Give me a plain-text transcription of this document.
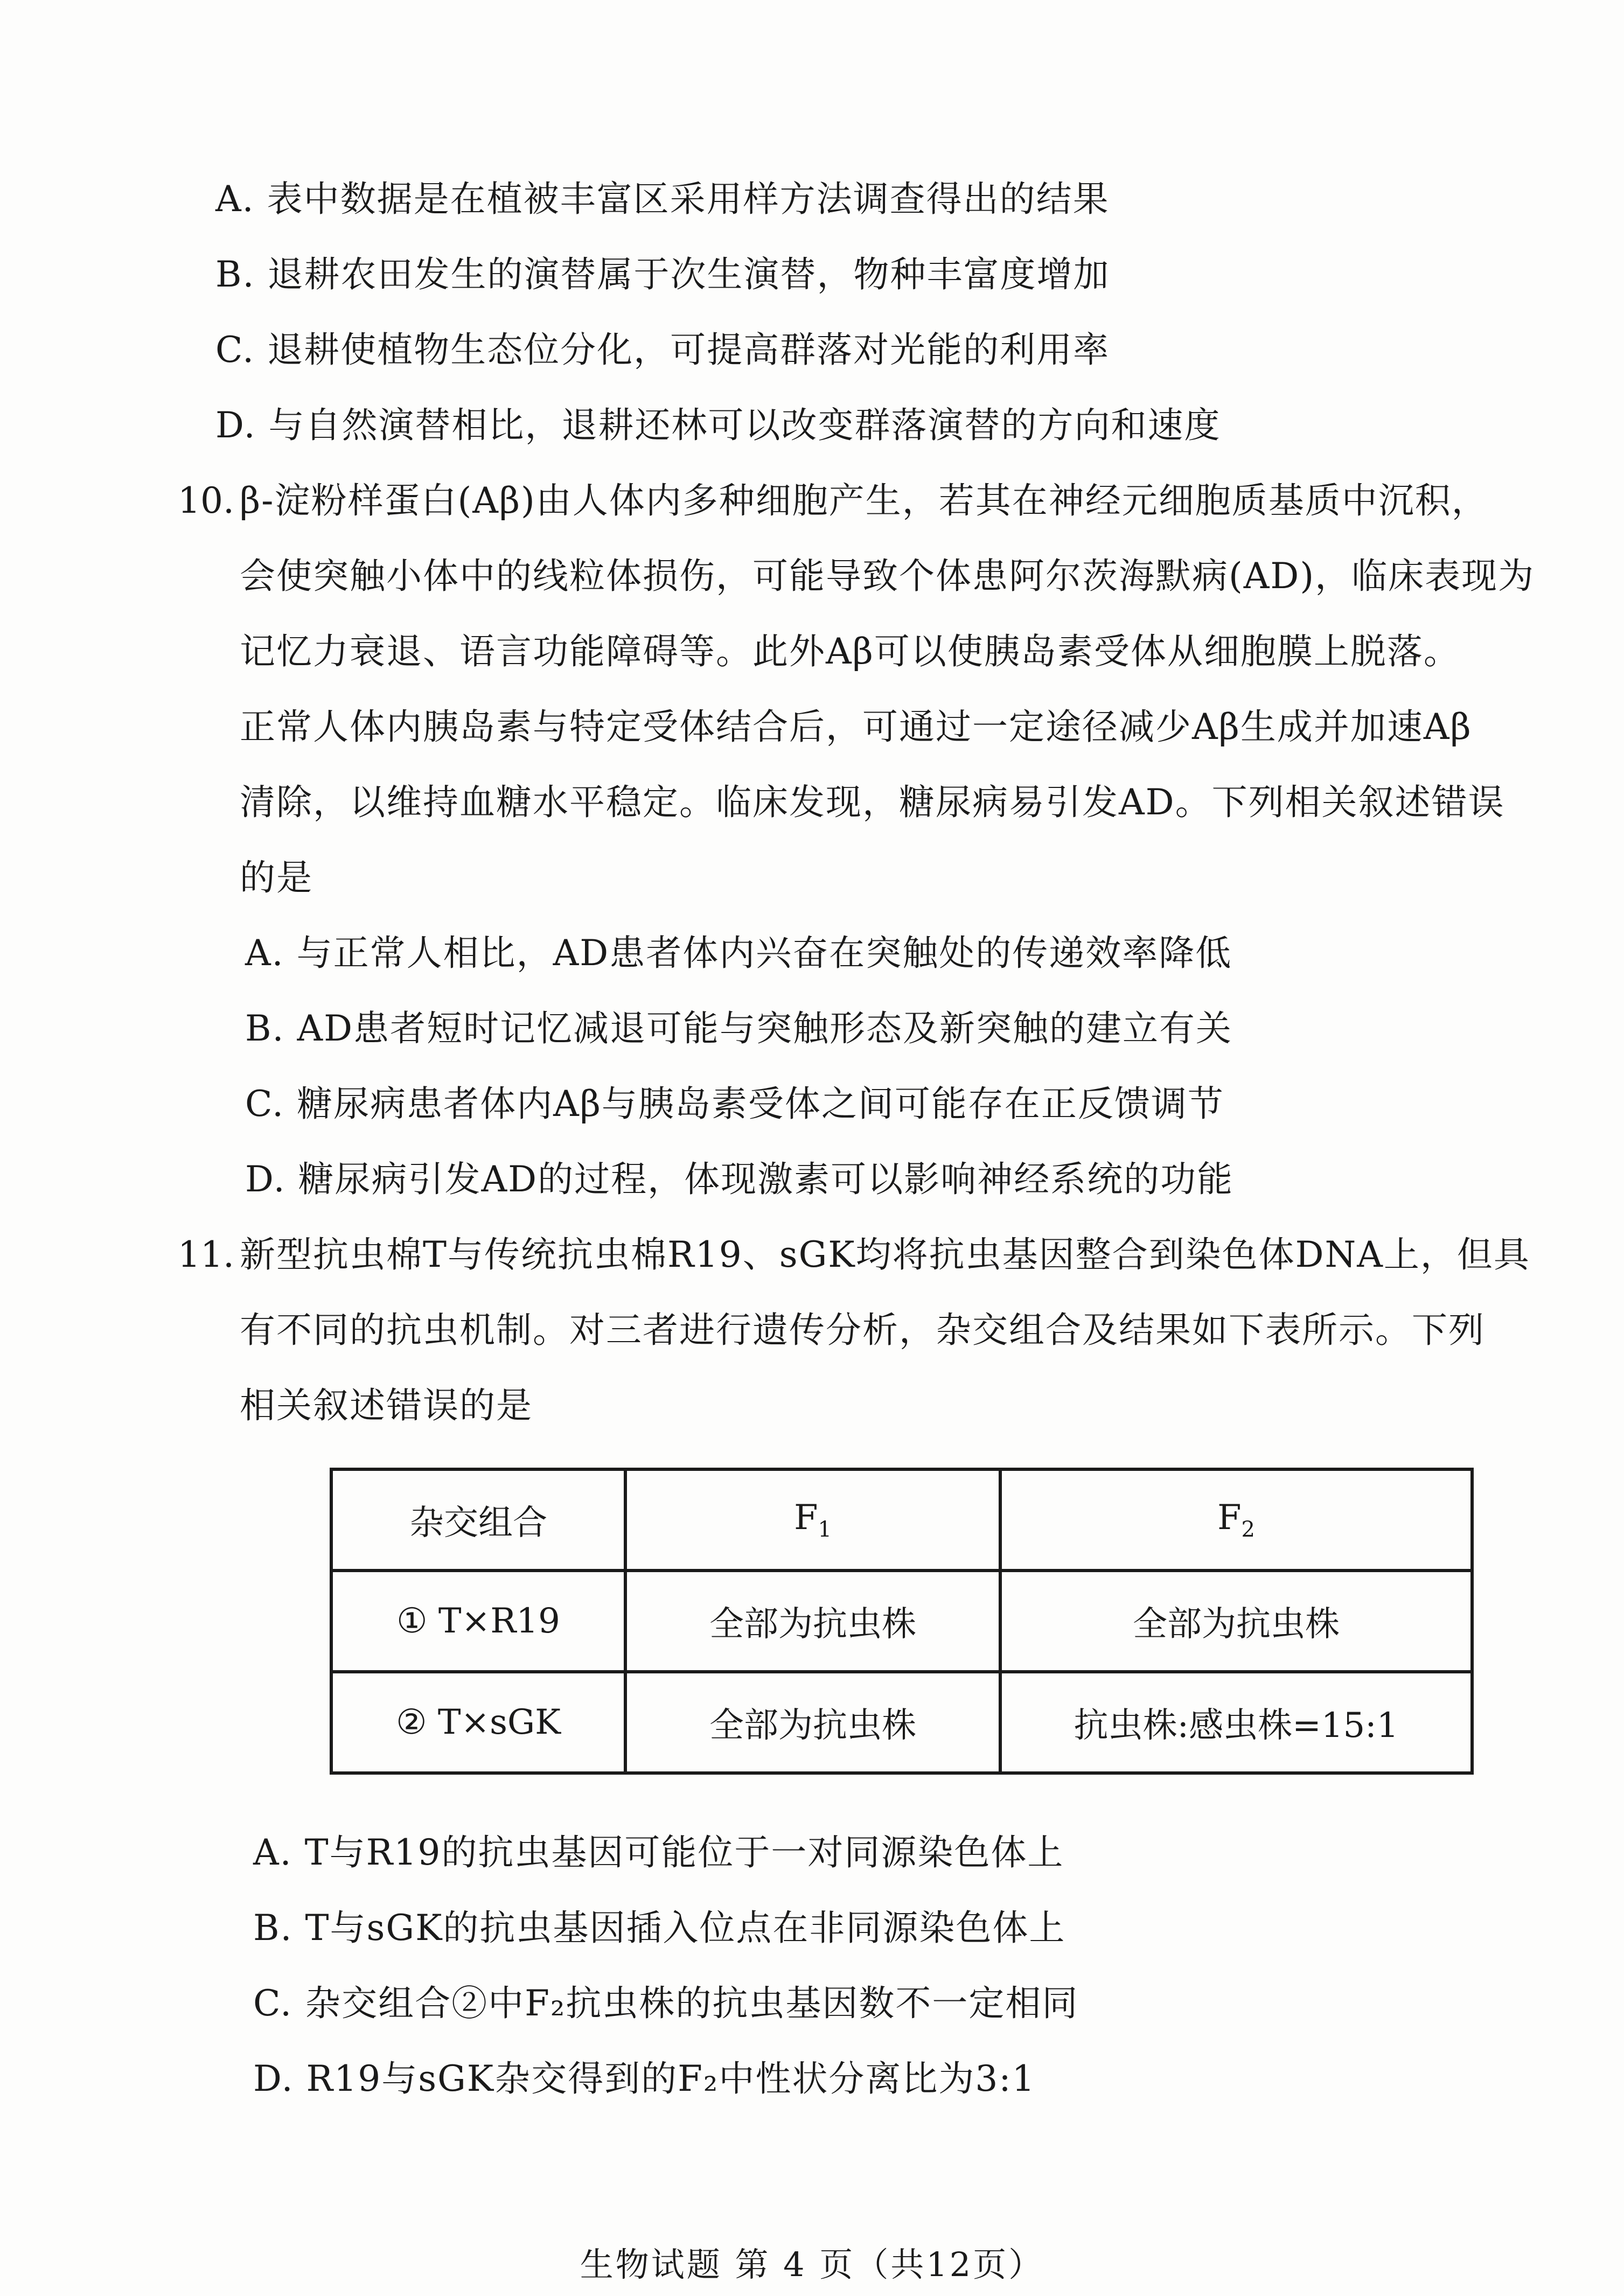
A. 表中数据是在植被丰富区采用样方法调查得出的结果
B. 退耕农田发生的演替属于次生演替，物种丰富度增加
C. 退耕使植物生态位分化，可提高群落对光能的利用率
D. 与自然演替相比，退耕还林可以改变群落演替的方向和速度
10. β-淀粉样蛋白(Aβ)由人体内多种细胞产生，若其在神经元细胞质基质中沉积，
会使突触小体中的线粒体损伤，可能导致个体患阿尔茨海默病(AD)，临床表现为
记忆力衰退、语言功能障碍等。此外Aβ可以使胰岛素受体从细胞膜上脱落。
正常人体内胰岛素与特定受体结合后，可通过一定途径减少Aβ生成并加速Aβ
清除，以维持血糖水平稳定。临床发现，糖尿病易引发AD。下列相关叙述错误
的是
A. 与正常人相比，AD患者体内兴奋在突触处的传递效率降低
B. AD患者短时记忆减退可能与突触形态及新突触的建立有关
C. 糖尿病患者体内Aβ与胰岛素受体之间可能存在正反馈调节
D. 糖尿病引发AD的过程，体现激素可以影响神经系统的功能
11. 新型抗虫棉T与传统抗虫棉R19、sGK均将抗虫基因整合到染色体DNA上，但具
有不同的抗虫机制。对三者进行遗传分析，杂交组合及结果如下表所示。下列
相关叙述错误的是
杂交组合	$F_1$	$F_2$
① T×R19	全部为抗虫株	全部为抗虫株
② T×sGK	全部为抗虫株	抗虫株:感虫株=15:1
A. T与R19的抗虫基因可能位于一对同源染色体上
B. T与sGK的抗虫基因插入位点在非同源染色体上
C. 杂交组合②中F₂抗虫株的抗虫基因数不一定相同
D. R19与sGK杂交得到的F₂中性状分离比为3:1
生物试题 第 4 页（共12页）
